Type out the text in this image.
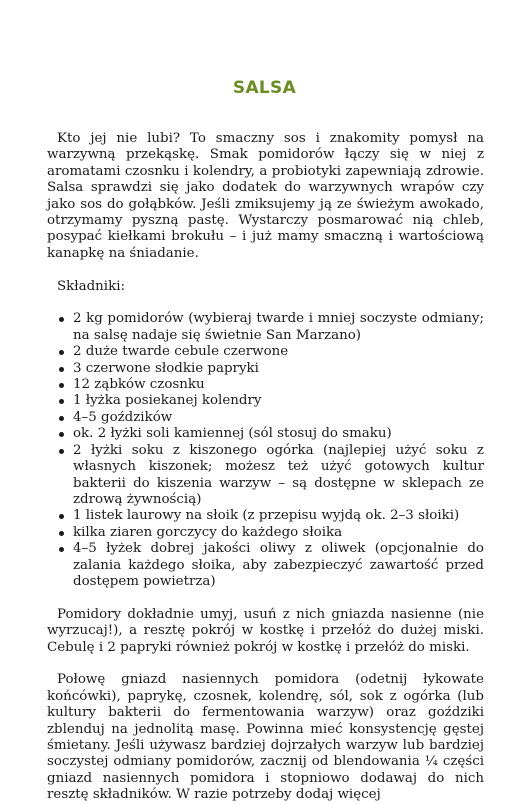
SALSA

Kto jej nie lubi? To smaczny sos i znakomity pomysł na warzywną przekąskę. Smak pomidorów łączy się w niej z aromatami czosnku i kolendry, a probiotyki zapewniają zdrowie. Salsa sprawdzi się jako dodatek do warzywnych wrapów czy jako sos do gołąbków. Jeśli zmiksujemy ją ze świeżym awokado, otrzymamy pyszną pastę. Wystarczy posmarować nią chleb, posypać kiełkami brokułu – i już mamy smaczną i wartościową kanapkę na śniadanie.

Składniki:

2 kg pomidorów (wybieraj twarde i mniej soczyste odmiany; na salsę nadaje się świetnie San Marzano)
2 duże twarde cebule czerwone
3 czerwone słodkie papryki
12 ząbków czosnku
1 łyżka posiekanej kolendry
4–5 goździków
ok. 2 łyżki soli kamiennej (sól stosuj do smaku)
2 łyżki soku z kiszonego ogórka (najlepiej użyć soku z własnych kiszonek; możesz też użyć gotowych kultur bakterii do kiszenia warzyw – są dostępne w sklepach ze zdrową żywnością)
1 listek laurowy na słoik (z przepisu wyjdą ok. 2–3 słoiki)
kilka ziaren gorczycy do każdego słoika
4–5 łyżek dobrej jakości oliwy z oliwek (opcjonalnie do zalania każdego słoika, aby zabezpieczyć zawartość przed dostępem powietrza)

Pomidory dokładnie umyj, usuń z nich gniazda nasienne (nie wyrzucaj!), a resztę pokrój w kostkę i przełóż do dużej miski. Cebulę i 2 papryki również pokrój w kostkę i przełóż do miski.

Połowę gniazd nasiennych pomidora (odetnij łykowate końcówki), paprykę, czosnek, kolendrę, sól, sok z ogórka (lub kultury bakterii do fermentowania warzyw) oraz goździki zblenduj na jednolitą masę. Powinna mieć konsystencję gęstej śmietany. Jeśli używasz bardziej dojrzałych warzyw lub bardziej soczystej odmiany pomidorów, zacznij od blendowania ¼ części gniazd nasiennych pomidora i stopniowo dodawaj do nich resztę składników. W razie potrzeby dodaj więcej
